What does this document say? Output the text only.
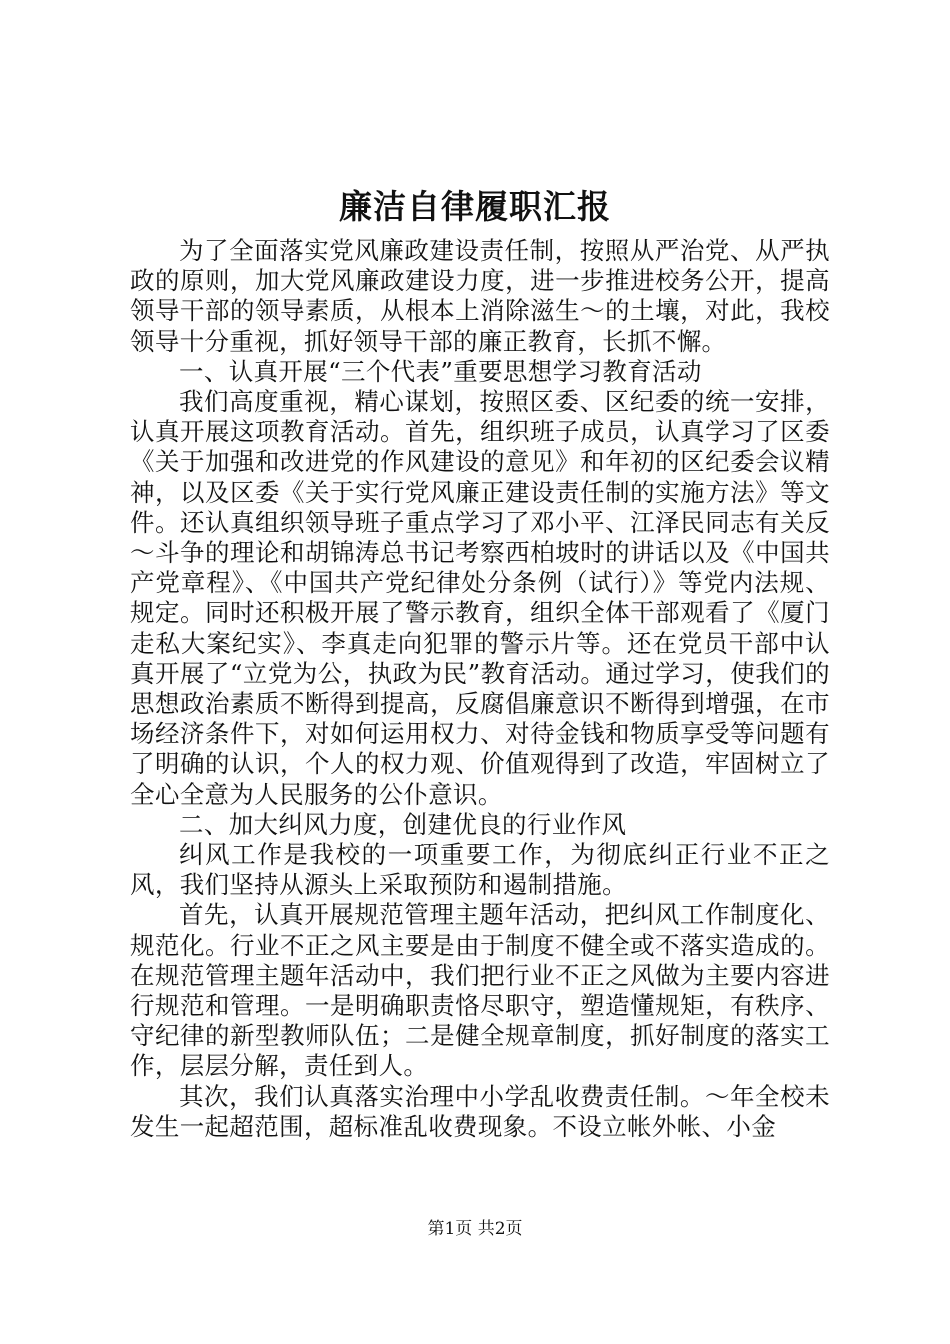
廉洁自律履职汇报

为了全面落实党风廉政建设责任制，按照从严治党、从严执政的原则，加大党风廉政建设力度，进一步推进校务公开，提高领导干部的领导素质，从根本上消除滋生～的土壤，对此，我校领导十分重视，抓好领导干部的廉正教育，长抓不懈。

一、认真开展“三个代表”重要思想学习教育活动

我们高度重视，精心谋划，按照区委、区纪委的统一安排，认真开展这项教育活动。首先，组织班子成员，认真学习了区委《关于加强和改进党的作风建设的意见》和年初的区纪委会议精神，以及区委《关于实行党风廉正建设责任制的实施方法》等文件。还认真组织领导班子重点学习了邓小平、江泽民同志有关反～斗争的理论和胡锦涛总书记考察西柏坡时的讲话以及《中国共产党章程》、《中国共产党纪律处分条例（试行）》等党内法规、规定。同时还积极开展了警示教育，组织全体干部观看了《厦门走私大案纪实》、李真走向犯罪的警示片等。还在党员干部中认真开展了“立党为公，执政为民”教育活动。通过学习，使我们的思想政治素质不断得到提高，反腐倡廉意识不断得到增强，在市场经济条件下，对如何运用权力、对待金钱和物质享受等问题有了明确的认识，个人的权力观、价值观得到了改造，牢固树立了全心全意为人民服务的公仆意识。

二、加大纠风力度，创建优良的行业作风

纠风工作是我校的一项重要工作，为彻底纠正行业不正之风，我们坚持从源头上采取预防和遏制措施。

首先，认真开展规范管理主题年活动，把纠风工作制度化、规范化。行业不正之风主要是由于制度不健全或不落实造成的。在规范管理主题年活动中，我们把行业不正之风做为主要内容进行规范和管理。一是明确职责恪尽职守，塑造懂规矩，有秩序、守纪律的新型教师队伍；二是健全规章制度，抓好制度的落实工作，层层分解，责任到人。

其次，我们认真落实治理中小学乱收费责任制。～年全校未发生一起超范围，超标准乱收费现象。不设立帐外帐、小金

第1页 共2页
